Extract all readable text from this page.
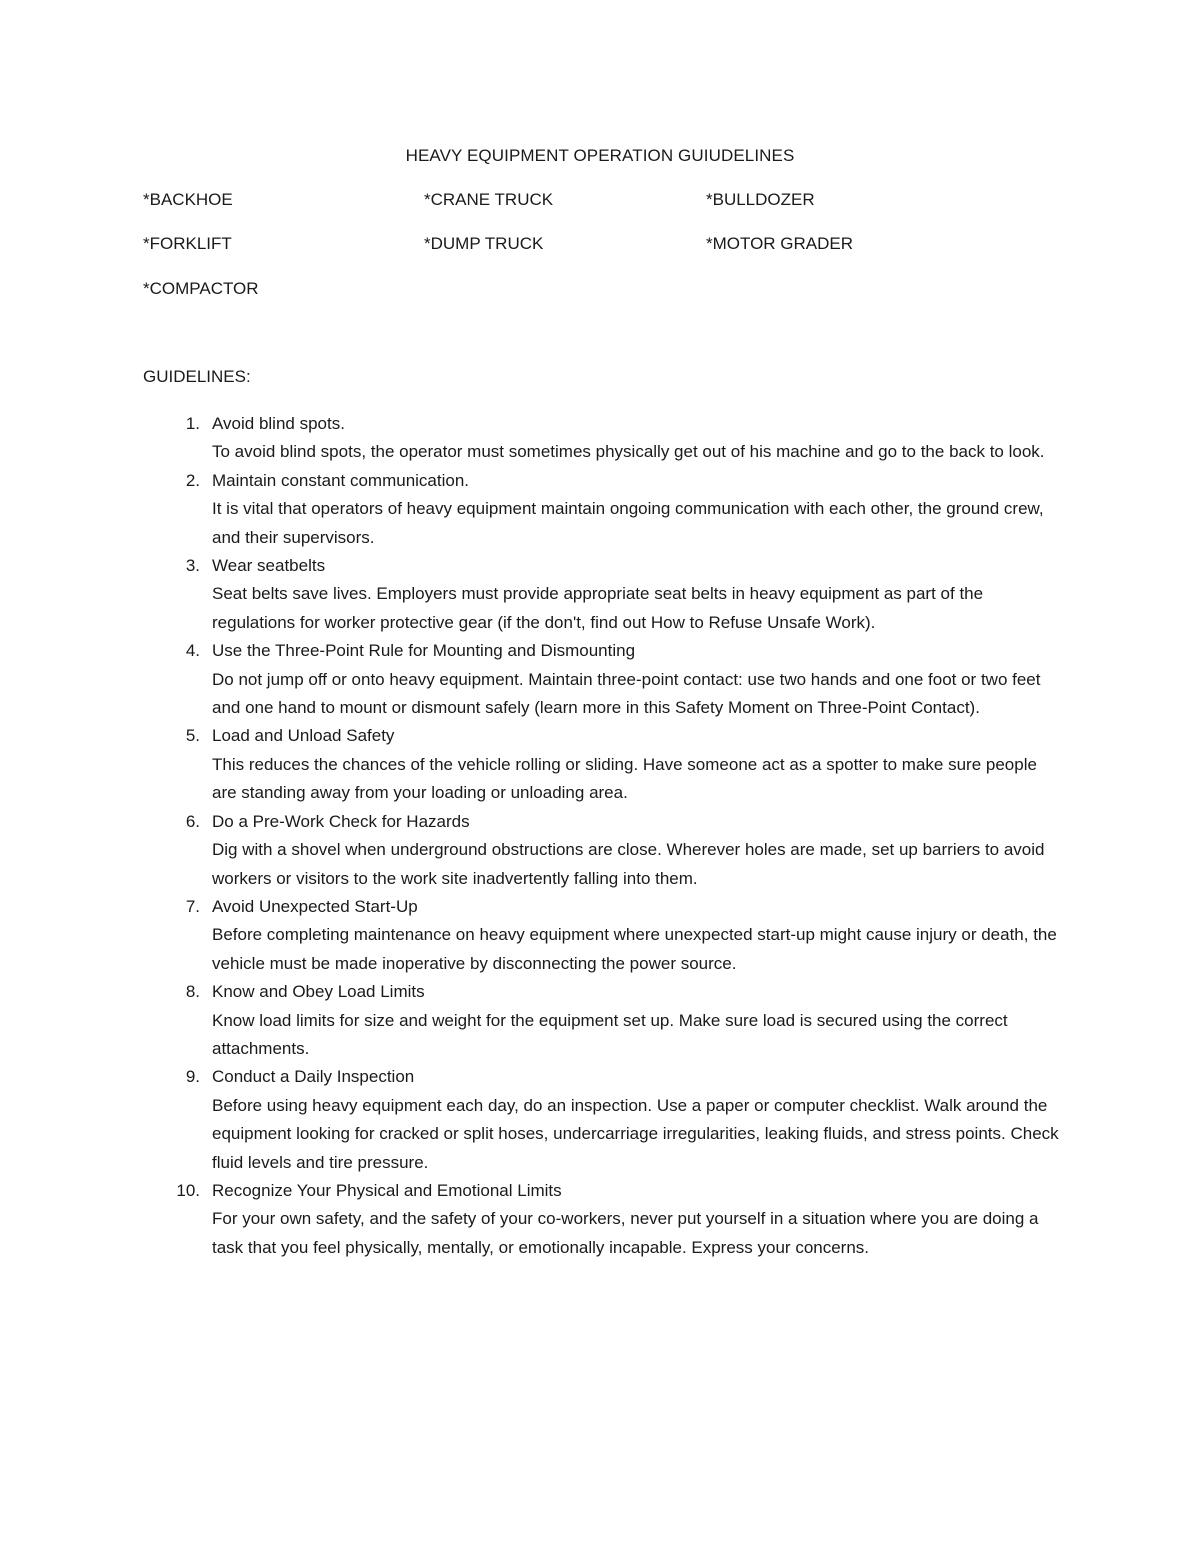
HEAVY EQUIPMENT OPERATION GUIUDELINES
*BACKHOE	*CRANE TRUCK	*BULLDOZER
*FORKLIFT	*DUMP TRUCK	*MOTOR GRADER
*COMPACTOR
GUIDELINES:
1. Avoid blind spots.
To avoid blind spots, the operator must sometimes physically get out of his machine and go to the back to look.
2. Maintain constant communication.
It is vital that operators of heavy equipment maintain ongoing communication with each other, the ground crew, and their supervisors.
3. Wear seatbelts
Seat belts save lives. Employers must provide appropriate seat belts in heavy equipment as part of the regulations for worker protective gear (if the don't, find out How to Refuse Unsafe Work).
4. Use the Three-Point Rule for Mounting and Dismounting
Do not jump off or onto heavy equipment. Maintain three-point contact: use two hands and one foot or two feet and one hand to mount or dismount safely (learn more in this Safety Moment on Three-Point Contact).
5. Load and Unload Safety
This reduces the chances of the vehicle rolling or sliding. Have someone act as a spotter to make sure people are standing away from your loading or unloading area.
6. Do a Pre-Work Check for Hazards
Dig with a shovel when underground obstructions are close. Wherever holes are made, set up barriers to avoid workers or visitors to the work site inadvertently falling into them.
7. Avoid Unexpected Start-Up
Before completing maintenance on heavy equipment where unexpected start-up might cause injury or death, the vehicle must be made inoperative by disconnecting the power source.
8. Know and Obey Load Limits
Know load limits for size and weight for the equipment set up. Make sure load is secured using the correct attachments.
9. Conduct a Daily Inspection
Before using heavy equipment each day, do an inspection. Use a paper or computer checklist. Walk around the equipment looking for cracked or split hoses, undercarriage irregularities, leaking fluids, and stress points. Check fluid levels and tire pressure.
10. Recognize Your Physical and Emotional Limits
For your own safety, and the safety of your co-workers, never put yourself in a situation where you are doing a task that you feel physically, mentally, or emotionally incapable. Express your concerns.
